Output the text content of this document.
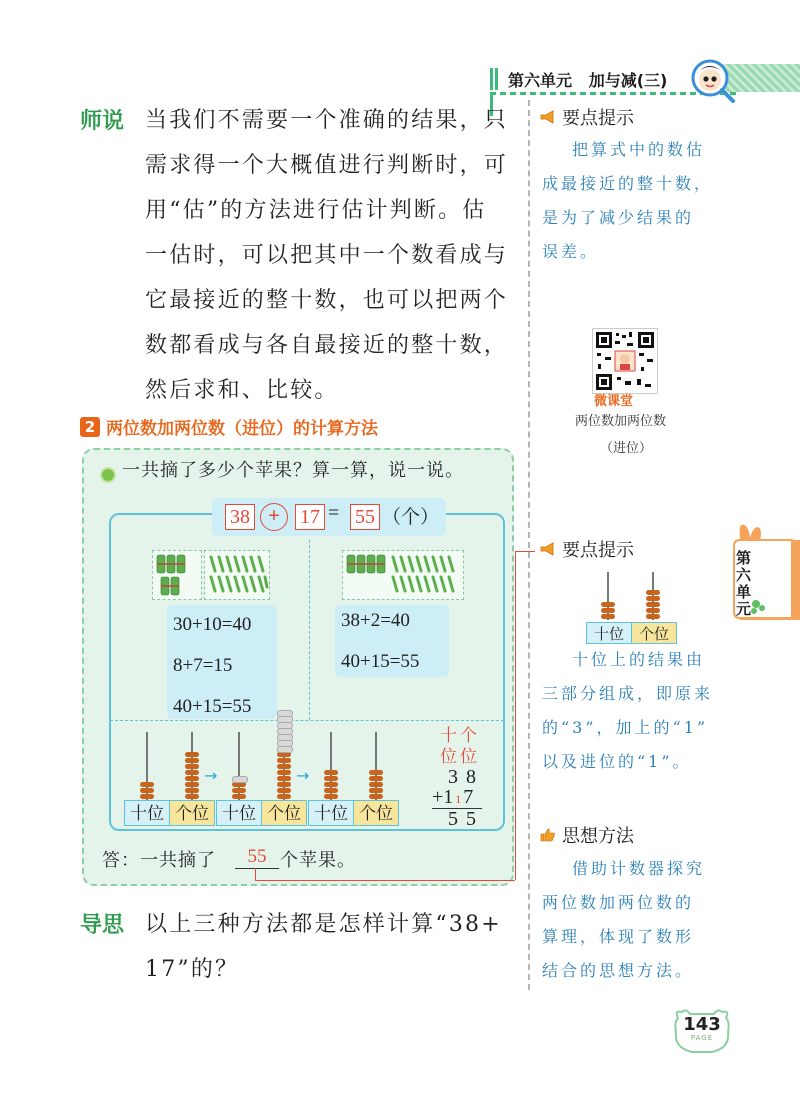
第六单元 加与减(三)
师说 当我们不需要一个准确的结果，只
需求得一个大概值进行判断时，可
用“估”的方法进行估计判断。估
一估时，可以把其中一个数看成与
它最接近的整十数，也可以把两个
数都看成与各自最接近的整十数，
然后求和、比较。
2 两位数加两位数（进位）的计算方法
一共摘了多少个苹果？算一算，说一说。
38 +	17 = 55 （个）
30+10=40
8+7=15
40+15=55
38+2=40
40+15=55
十位 个位 十位 个位 十位 个位
→	→
十个
位位
38
+1 1 7
55
答：一共摘了	55 个苹果。
导思 以上三种方法都是怎样计算“38+
17”的？
要点提示
把算式中的数估
成最接近的整十数，
是为了减少结果的
误差。
微课堂
两位数加两位数
（进位）
第六单元
要点提示
十位 个位
十位上的结果由
三部分组成，即原来
的“3”，加上的“1”
以及进位的“1”。
思想方法
借助计数器探究
两位数加两位数的
算理，体现了数形
结合的思想方法。
143
PAGE
